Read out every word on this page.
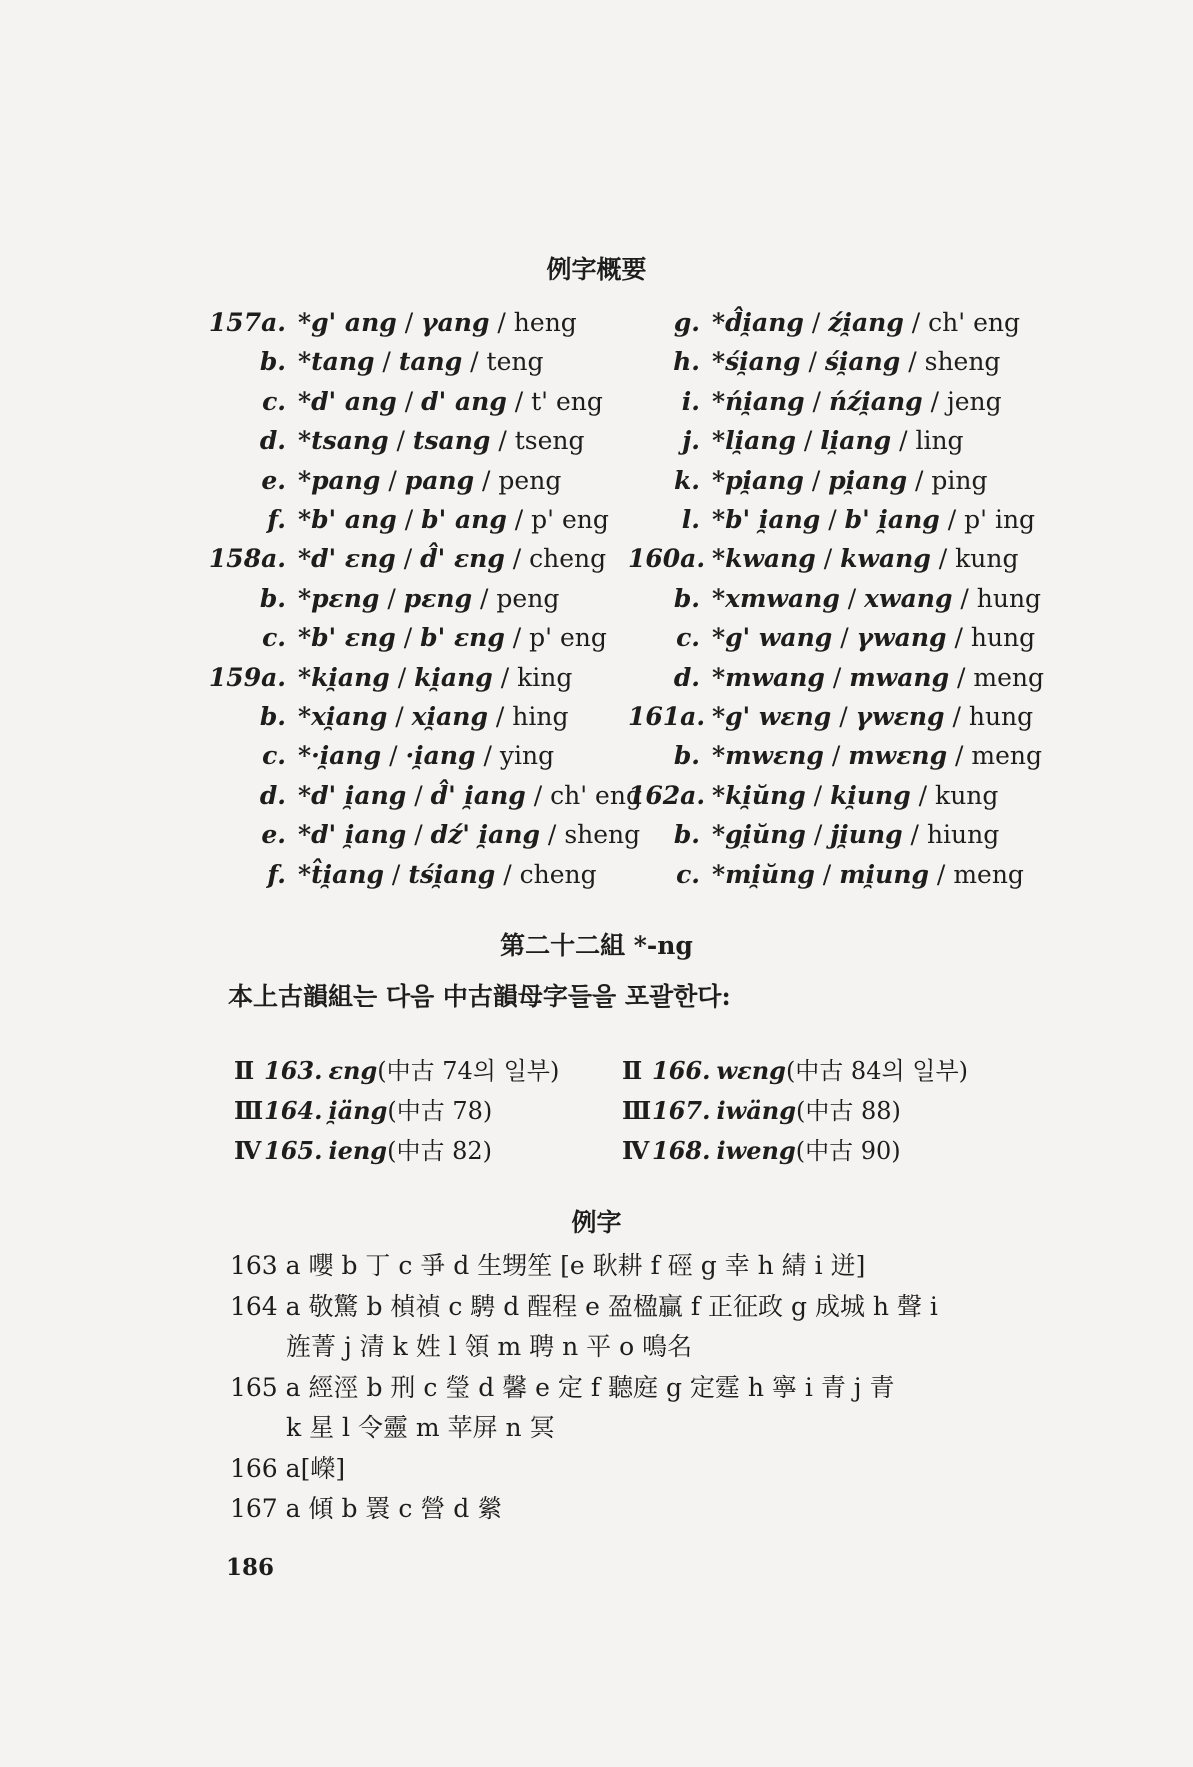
例字概要
157a. *g' ang / γang / heng
b. *tang / tang / teng
c. *d' ang / d' ang / t' eng
d. *tsang / tsang / tseng
e. *pang / pang / peng
f. *b' ang / b' ang / p' eng
158a. *d' ɛng / d̂' ɛng / cheng
b. *pɛng / pɛng / peng
c. *b' ɛng / b' ɛng / p' eng
159a. *ki̯ang / ki̯ang / king
b. *xi̯ang / xi̯ang / hing
c. *·i̯ang / ·i̯ang / ying
d. *d' i̯ang / d̂' i̯ang / ch' eng
e. *d' i̯ang / dź' i̯ang / sheng
f. *t̂i̯ang / tśi̯ang / cheng
g. *d̂i̯ang / źi̯ang / ch' eng
h. *śi̯ang / śi̯ang / sheng
i. *ńi̯ang / ńźi̯ang / jeng
j. *li̯ang / li̯ang / ling
k. *pi̯ang / pi̯ang / ping
l. *b' i̯ang / b' i̯ang / p' ing
160a. *kwang / kwang / kung
b. *xmwang / xwang / hung
c. *g' wang / γwang / hung
d. *mwang / mwang / meng
161a. *g' wɛng / γwɛng / hung
b. *mwɛng / mwɛng / meng
162a. *ki̯ŭng / ki̯ung / kung
b. *gi̯ŭng / ji̯ung / hiung
c. *mi̯ŭng / mi̯ung / meng
第二十二組 *-ng
本上古韻組는 다음 中古韻母字들을 포괄한다:
Ⅱ 163. ɛng(中古 74의 일부)
Ⅲ164. i̯äng(中古 78)
Ⅳ 165. ieng(中古 82)
Ⅱ 166. wɛng(中古 84의 일부)
Ⅲ167. iwäng(中古 88)
Ⅳ 168. iweng(中古 90)
例字
163 a 嚶 b 丁 c 爭 d 生甥笙 [e 耿耕 f 硜 g 幸 h 綪 i 迸]
164 a 敬驚 b 楨禎 c 騁 d 酲程 e 盈楹贏 f 正征政 g 成城 h 聲 i
旌菁 j 清 k 姓 l 領 m 聘 n 平 o 鳴名
165 a 經涇 b 刑 c 瑩 d 馨 e 定 f 聽庭 g 定霆 h 寧 i 青 j 青
k 星 l 令靈 m 苹屏 n 冥
166 a[嶸]
167 a 傾 b 瞏 c 營 d 縈
186
